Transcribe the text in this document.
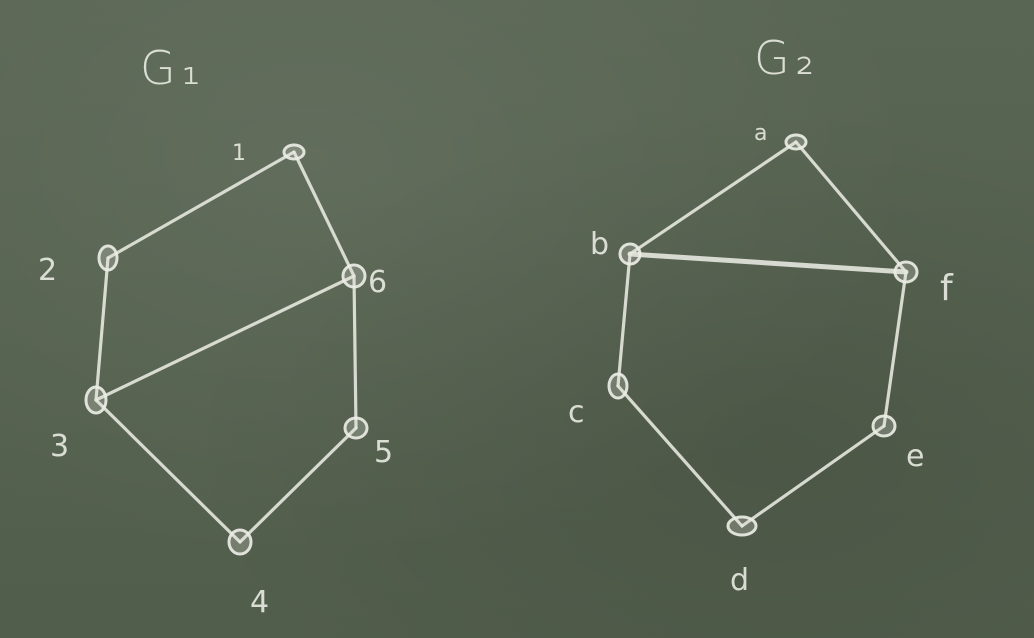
G₁
1
2
3
4
5
6
G₂
a
b
c
d
e
f
